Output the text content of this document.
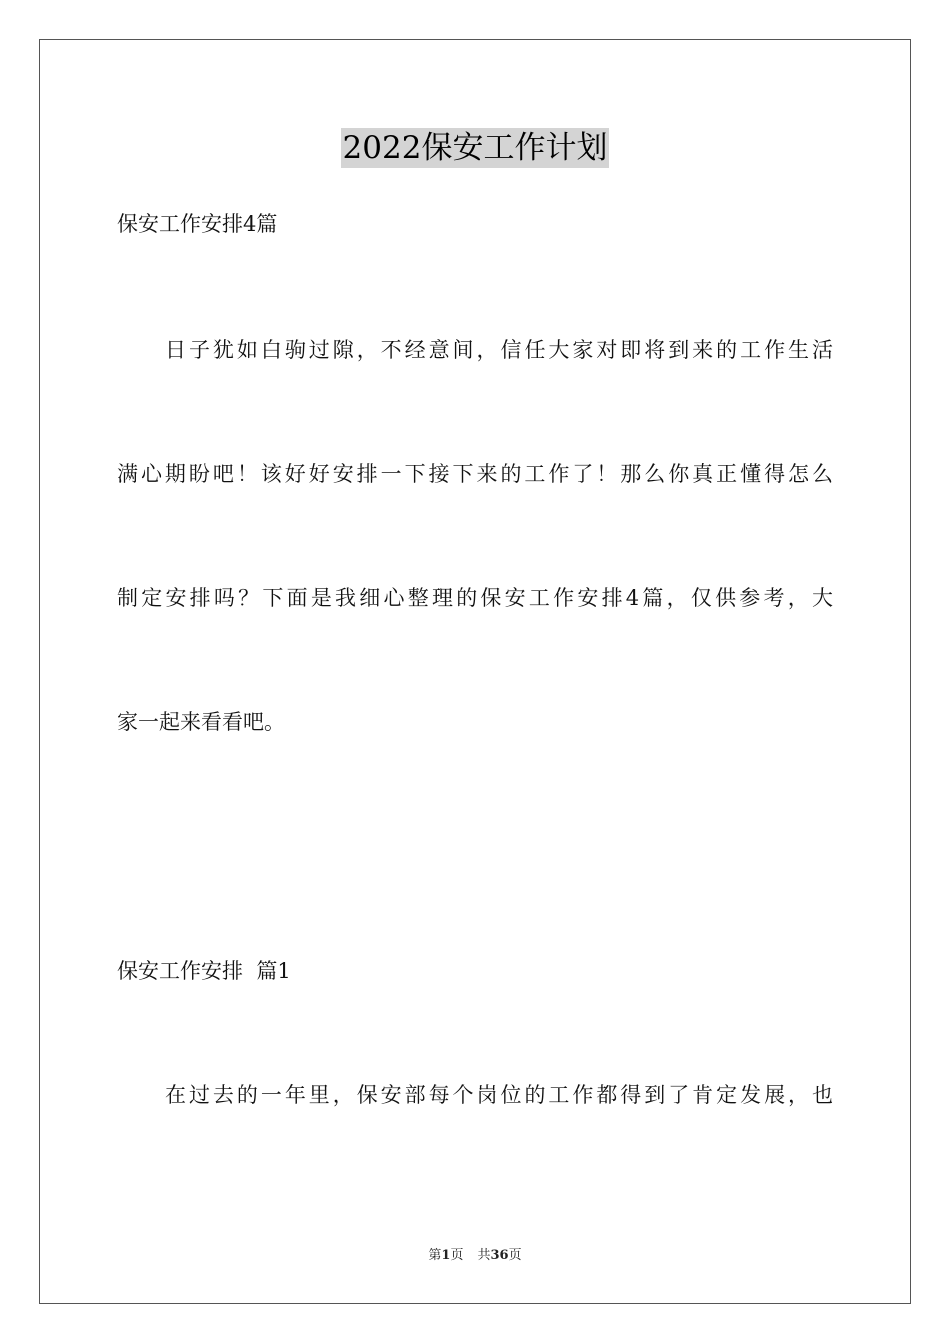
2022保安工作计划
保安工作安排4篇
日子犹如白驹过隙，不经意间，信任大家对即将到来的工作生活
满心期盼吧！该好好安排一下接下来的工作了！那么你真正懂得怎么
制定安排吗？下面是我细心整理的保安工作安排4篇，仅供参考，大
家一起来看看吧。
保安工作安排  篇1
在过去的一年里，保安部每个岗位的工作都得到了肯定发展，也
第1页 共36页
